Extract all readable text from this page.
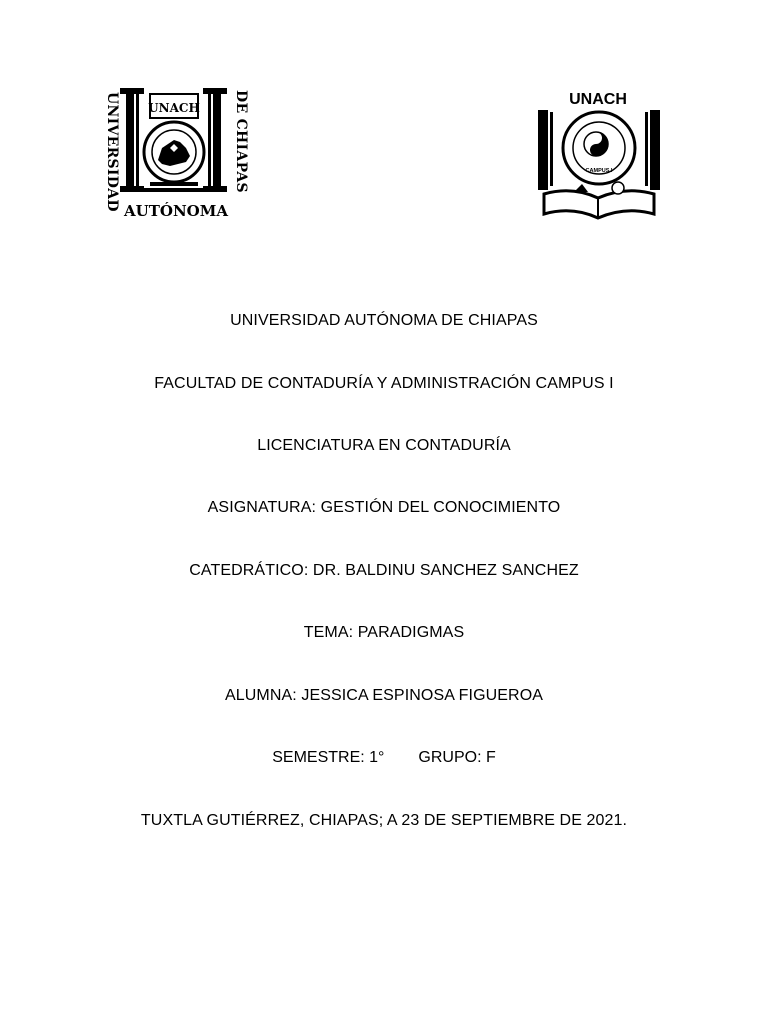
UNIVERSIDAD	DE CHIAPAS
UNACH
AUTÓNOMA
UNACH
CAMPUS I
UNIVERSIDAD AUTÓNOMA DE CHIAPAS
FACULTAD DE CONTADURÍA Y ADMINISTRACIÓN CAMPUS I
LICENCIATURA EN CONTADURÍA
ASIGNATURA: GESTIÓN DEL CONOCIMIENTO
CATEDRÁTICO: DR. BALDINU SANCHEZ SANCHEZ
TEMA: PARADIGMAS
ALUMNA: JESSICA ESPINOSA FIGUEROA
SEMESTRE: 1° GRUPO: F
TUXTLA GUTIÉRREZ, CHIAPAS; A 23 DE SEPTIEMBRE DE 2021.
